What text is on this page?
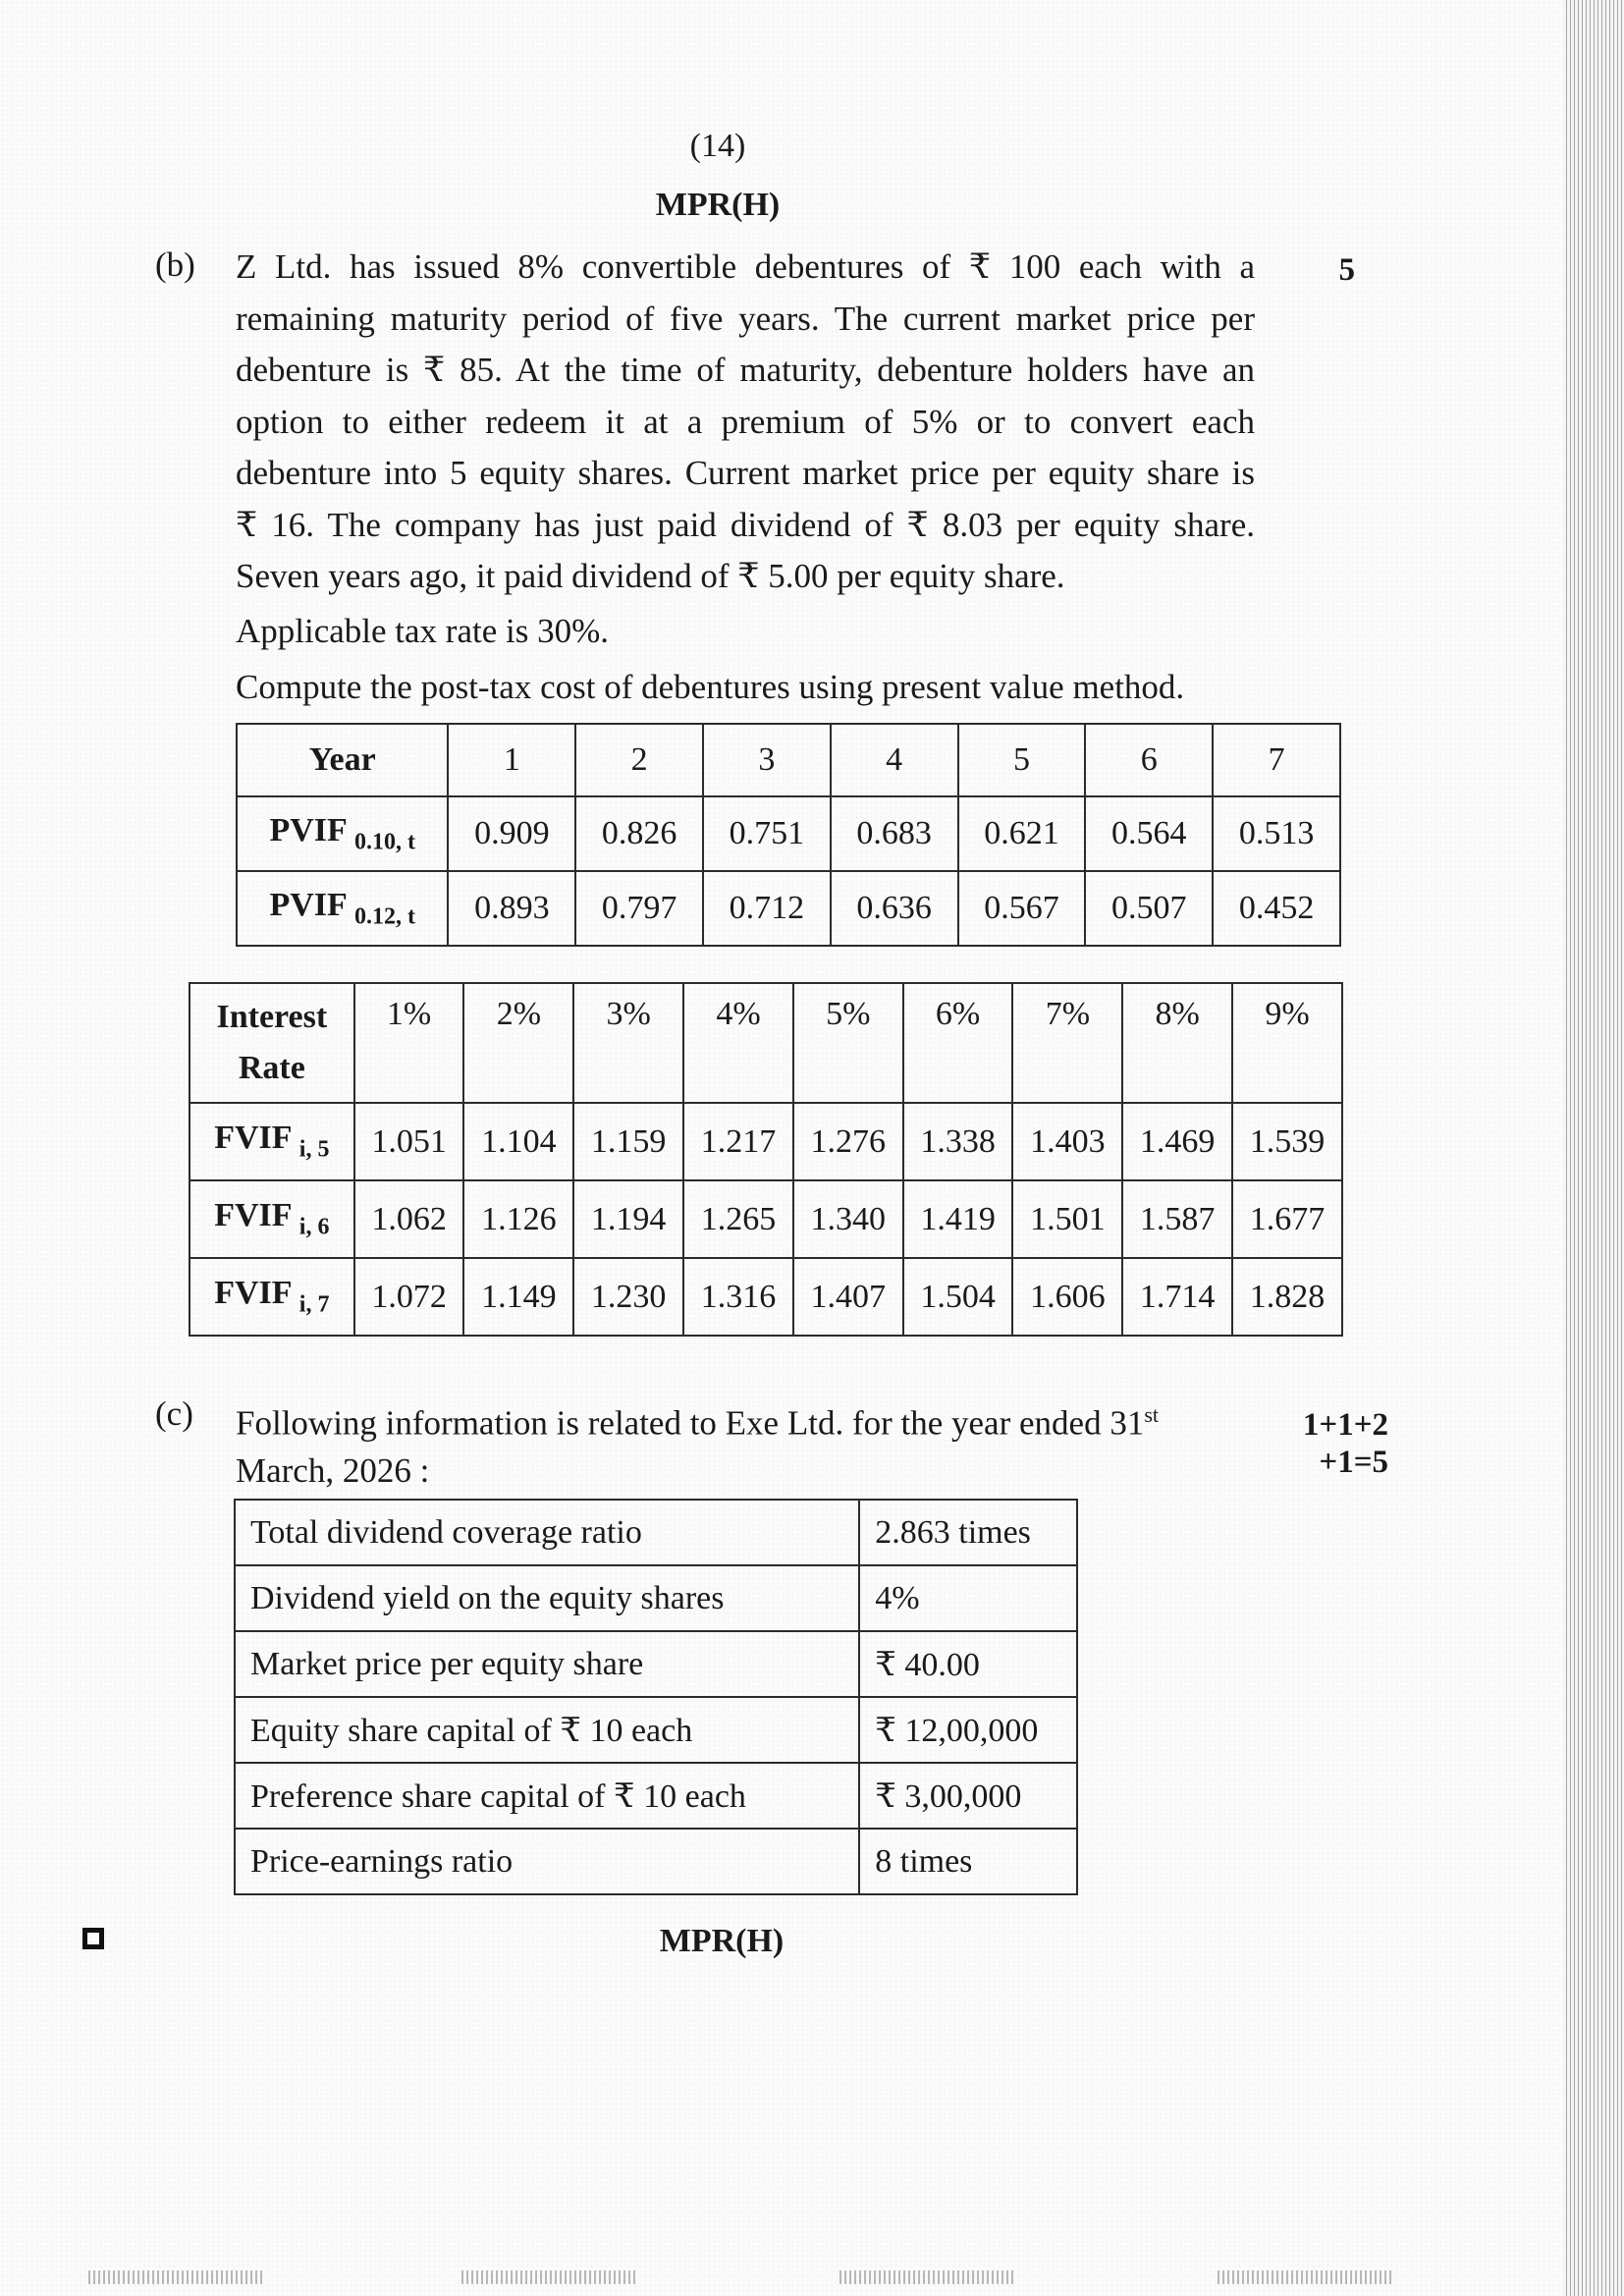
(14)
MPR(H)
(b)	5
Z Ltd. has issued 8% convertible debentures of ₹ 100 each with a
remaining maturity period of five years. The current market price per
debenture is ₹ 85. At the time of maturity, debenture holders have an
option to either redeem it at a premium of 5% or to convert each
debenture into 5 equity shares. Current market price per equity share is
₹ 16. The company has just paid dividend of ₹ 8.03 per equity share.
Seven years ago, it paid dividend of ₹ 5.00 per equity share.
Applicable tax rate is 30%.
Compute the post-tax cost of debentures using present value method.
Year	1	2	3	4	5	6	7
PVIF $_{0.10, t}$	0.909	0.826	0.751	0.683	0.621	0.564	0.513
PVIF $_{0.12, t}$	0.893	0.797	0.712	0.636	0.567	0.507	0.452
Interest
Rate	1%	2%	3%	4%	5%	6%	7%	8%	9%
FVIF $_{i, 5}$	1.051	1.104	1.159	1.217	1.276	1.338	1.403	1.469	1.539
FVIF $_{i, 6}$	1.062	1.126	1.194	1.265	1.340	1.419	1.501	1.587	1.677
FVIF $_{i, 7}$	1.072	1.149	1.230	1.316	1.407	1.504	1.606	1.714	1.828
(c) Following information is related to Exe Ltd. for the year ended 31st
March, 2026 :
1+1+2
+1=5
Total dividend coverage ratio	2.863 times
Dividend yield on the equity shares	4%
Market price per equity share	₹ 40.00
Equity share capital of ₹ 10 each	₹ 12,00,000
Preference share capital of ₹ 10 each	₹ 3,00,000
Price-earnings ratio	8 times
MPR(H)
